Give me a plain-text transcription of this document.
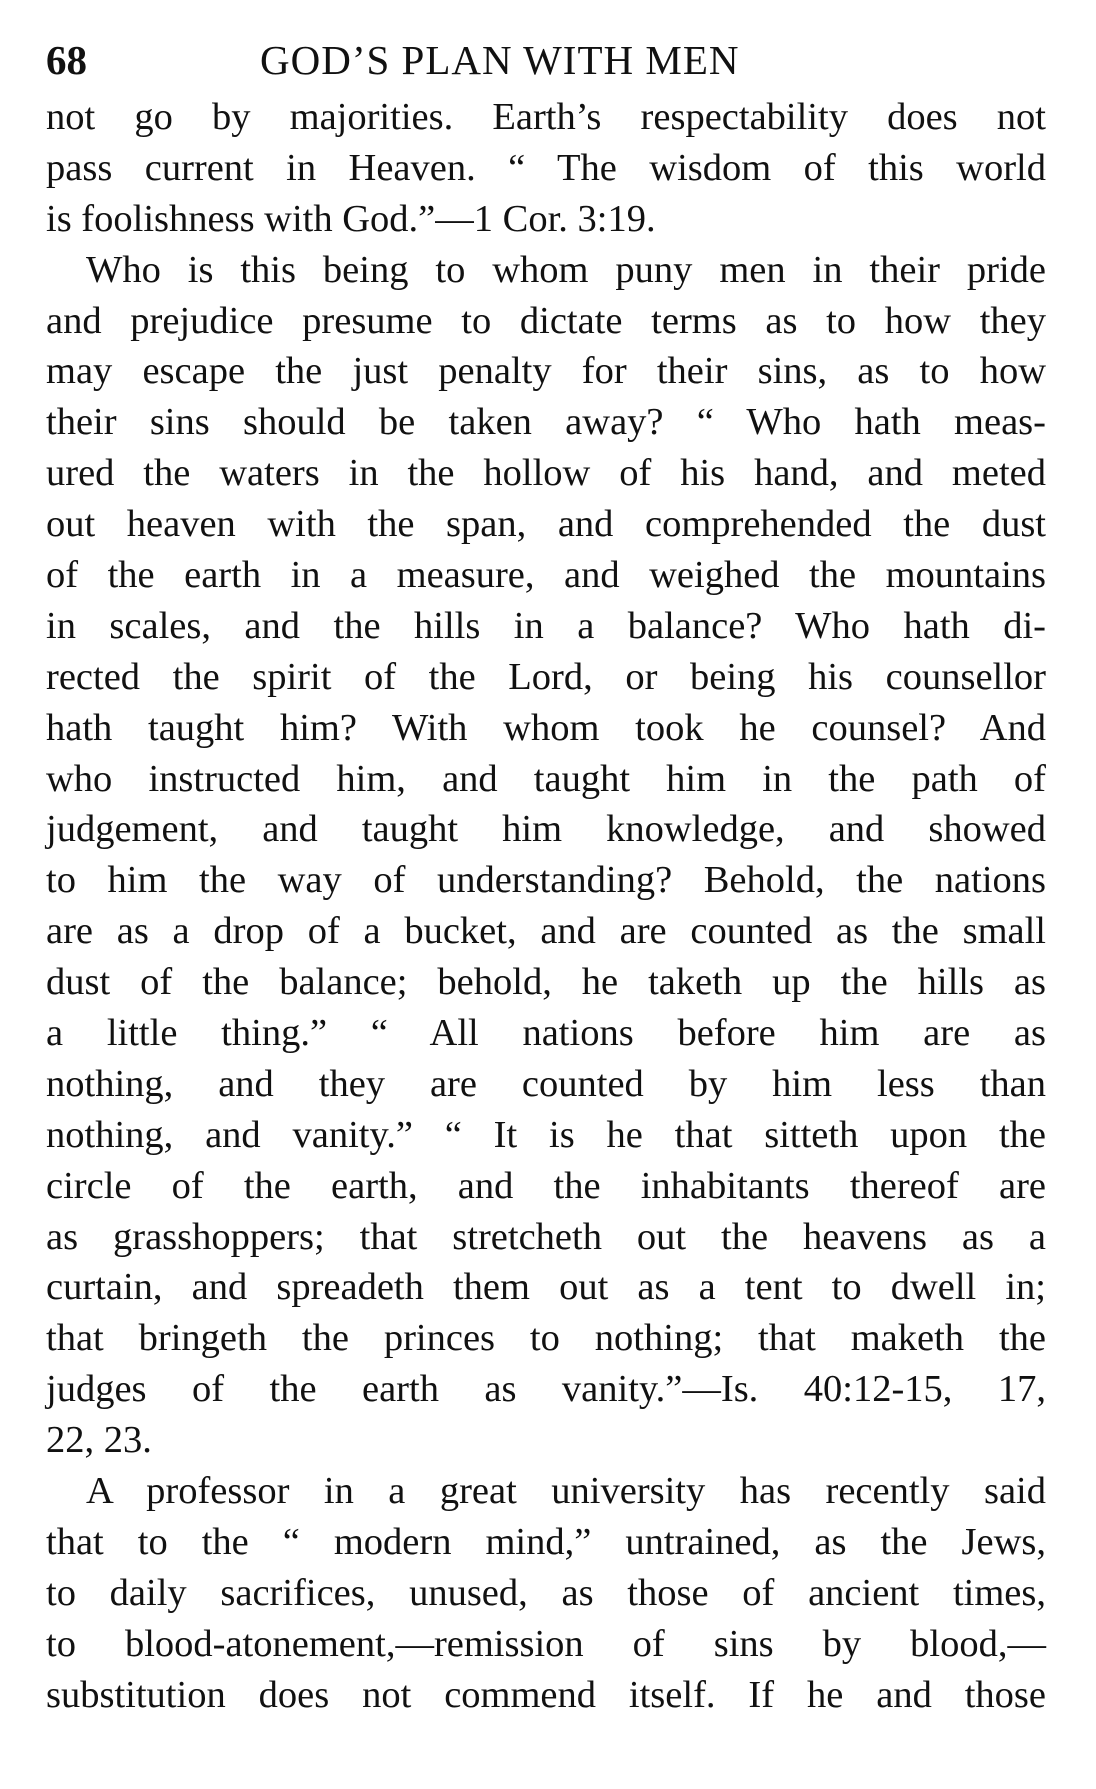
68	GOD’S PLAN WITH MEN
not go by majorities. Earth’s respectability does not
pass current in Heaven. “ The wisdom of this world
is foolishness with God.”—1 Cor. 3:19.
Who is this being to whom puny men in their pride
and prejudice presume to dictate terms as to how they
may escape the just penalty for their sins, as to how
their sins should be taken away? “ Who hath meas-
ured the waters in the hollow of his hand, and meted
out heaven with the span, and comprehended the dust
of the earth in a measure, and weighed the mountains
in scales, and the hills in a balance? Who hath di-
rected the spirit of the Lord, or being his counsellor
hath taught him? With whom took he counsel? And
who instructed him, and taught him in the path of
judgement, and taught him knowledge, and showed
to him the way of understanding? Behold, the nations
are as a drop of a bucket, and are counted as the small
dust of the balance; behold, he taketh up the hills as
a little thing.” “ All nations before him are as
nothing, and they are counted by him less than
nothing, and vanity.” “ It is he that sitteth upon the
circle of the earth, and the inhabitants thereof are
as grasshoppers; that stretcheth out the heavens as a
curtain, and spreadeth them out as a tent to dwell in;
that bringeth the princes to nothing; that maketh the
judges of the earth as vanity.”—Is. 40:12-15, 17,
22, 23.
A professor in a great university has recently said
that to the “ modern mind,” untrained, as the Jews,
to daily sacrifices, unused, as those of ancient times,
to blood-atonement,—remission of sins by blood,—
substitution does not commend itself. If he and those
